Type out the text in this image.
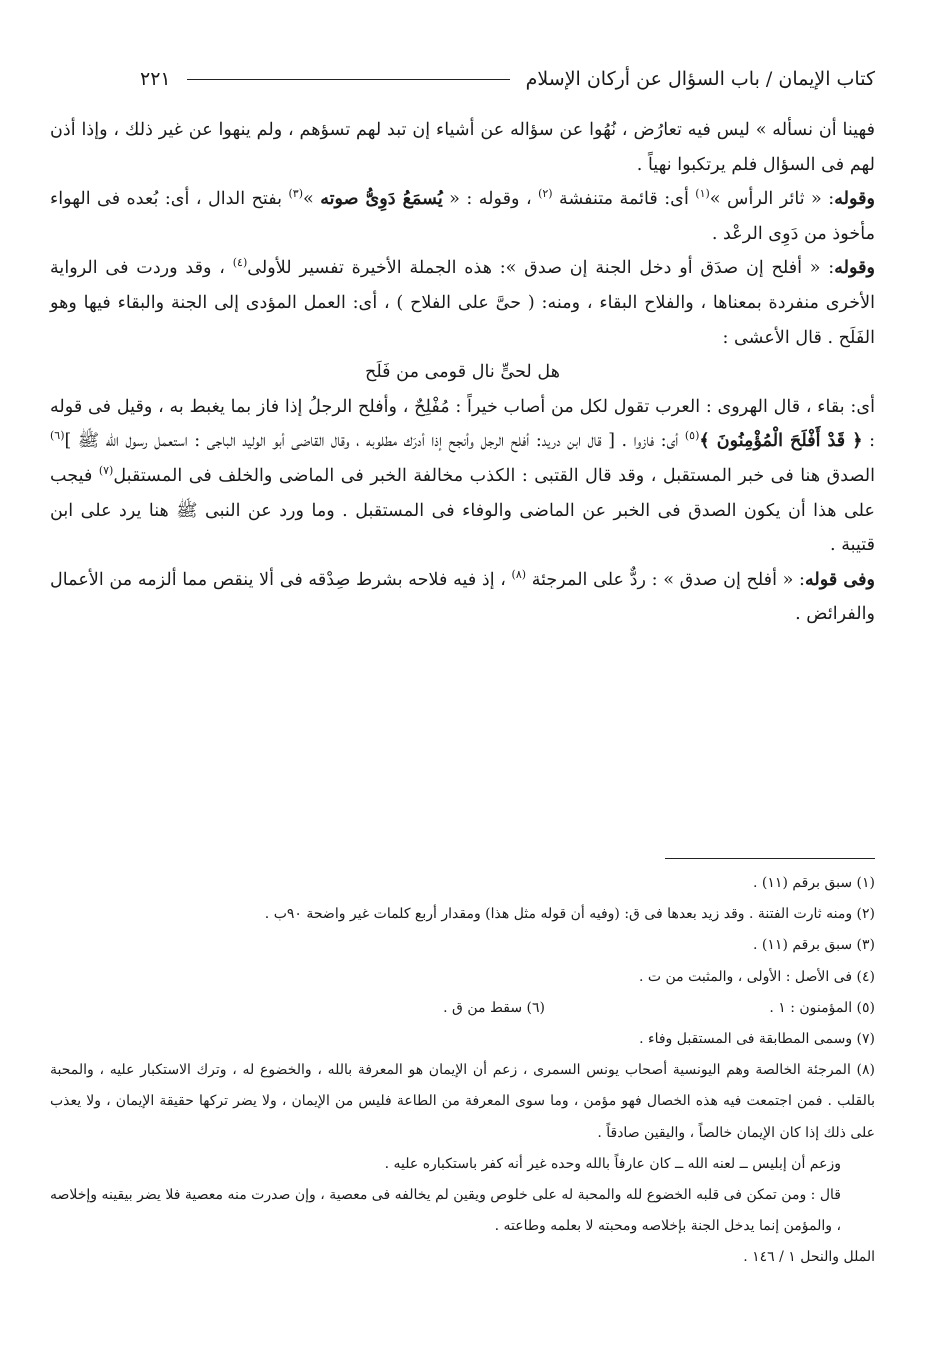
كتاب الإيمان / باب السؤال عن أركان الإسلام
٢٢١

فهينا أن نسأله » ليس فيه تعارُض ، نُهُوا عن سؤاله عن أشياء إن تبد لهم تسؤهم ، ولم ينهوا عن غير ذلك ، وإذا أذن لهم فى السؤال فلم يرتكبوا نهياً .

وقوله: « ثائر الرأس »$^{(١)}$ أى: قائمة متنفشة $^{(٢)}$ ، وقوله : « يُسمَعُ دَوِىُّ صوته »$^{(٣)}$ بفتح الدال ، أى: بُعده فى الهواء مأخوذ من دَوِى الرعْد .

وقوله: « أفلح إن صدَق أو دخل الجنة إن صدق »: هذه الجملة الأخيرة تفسير للأولى$^{(٤)}$ ، وقد وردت فى الرواية الأخرى منفردة بمعناها ، والفلاح البقاء ، ومنه: ( حىَّ على الفلاح ) ، أى: العمل المؤدى إلى الجنة والبقاء فيها وهو الفَلَح . قال الأعشى :

هل لحىٍّ نال قومى من فَلَح

أى: بقاء ، قال الهروى : العرب تقول لكل من أصاب خيراً : مُفْلِحٌ ، وأفلح الرجلُ إذا فاز بما يغبط به ، وقيل فى قوله : ﴿ قَدْ أَفْلَحَ الْمُؤْمِنُونَ ﴾$^{(٥)}$ أى: فازوا . [ قال ابن دريد: أفلح الرجل وأنجح إذا أدرَك مطلوبه ، وقال القاضى أبو الوليد الباجى : استعمل رسول الله ﷺ ]$^{(٦)}$ الصدق هنا فى خبر المستقبل ، وقد قال القتبى : الكذب مخالفة الخبر فى الماضى والخلف فى المستقبل$^{(٧)}$ فيجب على هذا أن يكون الصدق فى الخبر عن الماضى والوفاء فى المستقبل . وما ورد عن النبى ﷺ هنا يرد على ابن قتيبة .

وفى قوله: « أفلح إن صدق » : ردٌّ على المرجئة $^{(٨)}$ ، إذ فيه فلاحه بشرط صِدْقه فى ألا ينقص مما ألزمه من الأعمال والفرائض .

(١) سبق برقم (١١) .

(٢) ومنه ثارت الفتنة . وقد زيد بعدها فى ق: (وفيه أن قوله مثل هذا) ومقدار أربع كلمات غير واضحة ٩٠ب .

(٣) سبق برقم (١١) .

(٤) فى الأصل : الأولى ، والمثبت من ت .

(٥) المؤمنون : ١ .
(٦) سقط من ق .

(٧) وسمى المطابقة فى المستقبل وفاء .

(٨) المرجئة الخالصة وهم اليونسية أصحاب يونس السمرى ، زعم أن الإيمان هو المعرفة بالله ، والخضوع له ، وترك الاستكبار عليه ، والمحبة بالقلب . فمن اجتمعت فيه هذه الخصال فهو مؤمن ، وما سوى المعرفة من الطاعة فليس من الإيمان ، ولا يضر تركها حقيقة الإيمان ، ولا يعذب على ذلك إذا كان الإيمان خالصاً ، واليقين صادقاً .

وزعم أن إبليس ــ لعنه الله ــ كان عارفاً بالله وحده غير أنه كفر باستكباره عليه .

قال : ومن تمكن فى قلبه الخضوع لله والمحبة له على خلوص ويقين لم يخالفه فى معصية ، وإن صدرت منه معصية فلا يضر بيقينه وإخلاصه ، والمؤمن إنما يدخل الجنة بإخلاصه ومحبته لا بعلمه وطاعته .

الملل والنحل ١ / ١٤٦ .
